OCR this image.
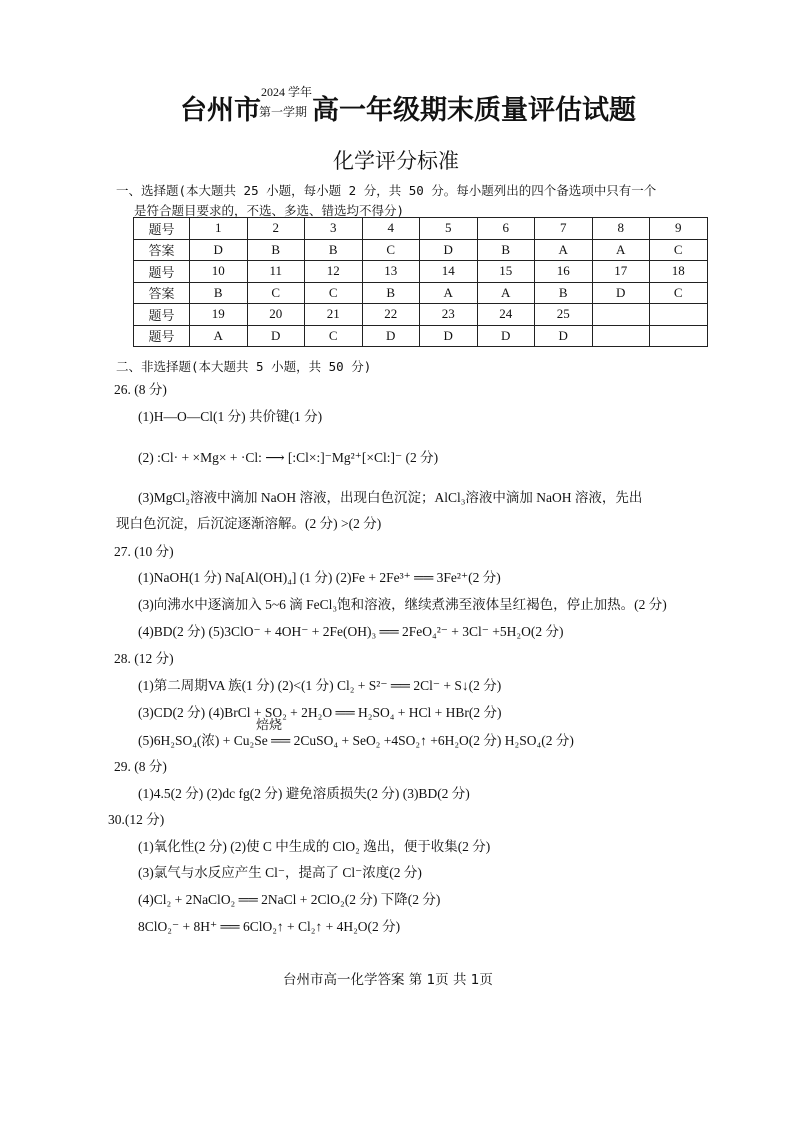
台州市
2024 学年
第一学期 高一年级期末质量评估试题
化学评分标准
一、选择题(本大题共 25 小题，每小题 2 分，共 50 分。每小题列出的四个备选项中只有一个
是符合题目要求的，不选、多选、错选均不得分)
题号	1	2	3	4	5	6	7	8	9
答案	D	B	B	C	D	B	A	A	C
题号	10	11	12	13	14	15	16	17	18
答案	B	C	C	B	A	A	B	D	C
题号	19	20	21	22	23	24	25		
题号	A	D	C	D	D	D	D		
二、非选择题(本大题共 5 小题，共 50 分)
26. (8 分)
(1)H—O—Cl(1 分) 共价键(1 分)
(2) :Cl· + ×Mg× + ·Cl: ⟶ [:Cl×:]⁻Mg²⁺[×Cl:]⁻ (2 分)
(3)MgCl₂溶液中滴加 NaOH 溶液，出现白色沉淀；AlCl₃溶液中滴加 NaOH 溶液，先出
现白色沉淀，后沉淀逐渐溶解。(2 分) >(2 分)
27. (10 分)
(1)NaOH(1 分) Na[Al(OH)₄] (1 分) (2)Fe + 2Fe³⁺ ══ 3Fe²⁺(2 分)
(3)向沸水中逐滴加入 5~6 滴 FeCl₃饱和溶液，继续煮沸至液体呈红褐色，停止加热。(2 分)
(4)BD(2 分) (5)3ClO⁻ + 4OH⁻ + 2Fe(OH)₃ ══ 2FeO₄²⁻ + 3Cl⁻ +5H₂O(2 分)
28. (12 分)
(1)第二周期VA 族(1 分) (2)<(1 分) Cl₂ + S²⁻ ══ 2Cl⁻ + S↓(2 分)
(3)CD(2 分) (4)BrCl + SO₂ + 2H₂O ══ H₂SO₄ + HCl + HBr(2 分)
焙烧
(5)6H₂SO₄(浓) + Cu₂Se ══ 2CuSO₄ + SeO₂ +4SO₂↑ +6H₂O(2 分) H₂SO₄(2 分)
29. (8 分)
(1)4.5(2 分) (2)dc fg(2 分) 避免溶质损失(2 分) (3)BD(2 分)
30.(12 分)
(1)氧化性(2 分) (2)使 C 中生成的 ClO₂ 逸出，便于收集(2 分)
(3)氯气与水反应产生 Cl⁻，提高了 Cl⁻浓度(2 分)
(4)Cl₂ + 2NaClO₂ ══ 2NaCl + 2ClO₂(2 分) 下降(2 分)
8ClO₂⁻ + 8H⁺ ══ 6ClO₂↑ + Cl₂↑ + 4H₂O(2 分)
台州市高一化学答案 第 1页 共 1页
